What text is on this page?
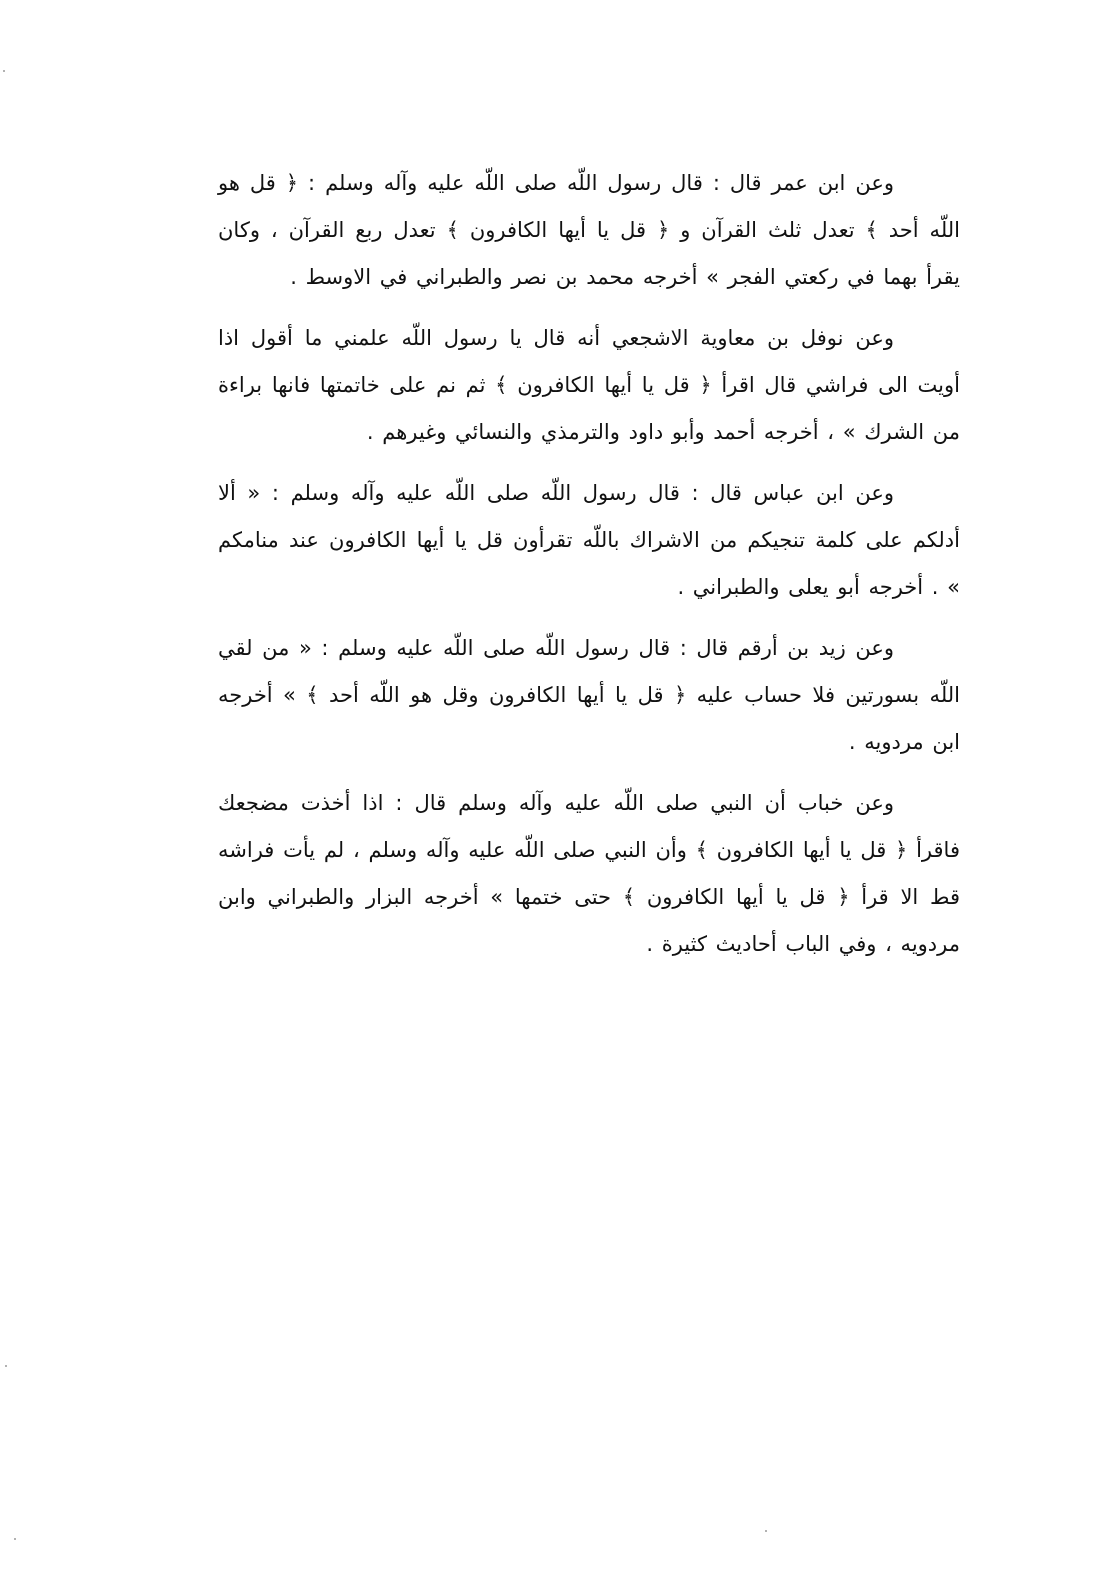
وعن ابن عمر قال : قال رسول اللّه صلى اللّه عليه وآله وسلم : ﴿ قل هو اللّه أحد ﴾ تعدل ثلث القرآن و ﴿ قل يا أيها الكافرون ﴾ تعدل ربع القرآن ، وكان يقرأ بهما في ركعتي الفجر » أخرجه محمد بن نصر والطبراني في الاوسط .

وعن نوفل بن معاوية الاشجعي أنه قال يا رسول اللّه علمني ما أقول اذا أويت الى فراشي قال اقرأ ﴿ قل يا أيها الكافرون ﴾ ثم نم على خاتمتها فانها براءة من الشرك » ، أخرجه أحمد وأبو داود والترمذي والنسائي وغيرهم .

وعن ابن عباس قال : قال رسول اللّه صلى اللّه عليه وآله وسلم : « ألا أدلكم على كلمة تنجيكم من الاشراك باللّه تقرأون قل يا أيها الكافرون عند منامكم » . أخرجه أبو يعلى والطبراني .

وعن زيد بن أرقم قال : قال رسول اللّه صلى اللّه عليه وسلم : « من لقي اللّه بسورتين فلا حساب عليه ﴿ قل يا أيها الكافرون وقل هو اللّه أحد ﴾ » أخرجه ابن مردويه .

وعن خباب أن النبي صلى اللّه عليه وآله وسلم قال : اذا أخذت مضجعك فاقرأ ﴿ قل يا أيها الكافرون ﴾ وأن النبي صلى اللّه عليه وآله وسلم ، لم يأت فراشه قط الا قرأ ﴿ قل يا أيها الكافرون ﴾ حتى ختمها » أخرجه البزار والطبراني وابن مردويه ، وفي الباب أحاديث كثيرة .
